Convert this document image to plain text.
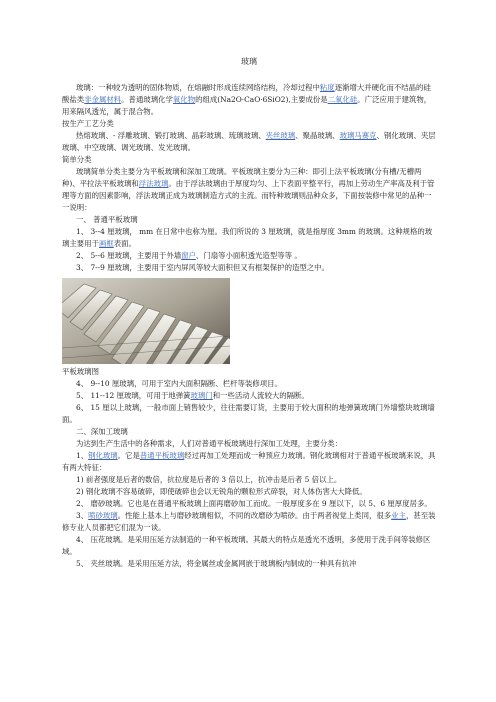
玻璃

玻璃：一种较为透明的固体物质，在熔融时形成连续网络结构，冷却过程中粘度逐渐增大并硬化而不结晶的硅酸盐类非金属材料。普通玻璃化学氧化物的组成(Na2O·CaO·6SiO2),主要成份是二氧化硅。广泛应用于建筑物，用来隔风透光，属于混合物。

按生产工艺分类

热熔玻璃、- 浮雕玻璃、锻打玻璃、晶彩玻璃、琉璃玻璃、夹丝玻璃、聚晶玻璃、玻璃马赛克、钢化玻璃、夹层玻璃、中空玻璃、调光玻璃、发光玻璃。

简单分类

玻璃简单分类主要分为平板玻璃和深加工玻璃。平板玻璃主要分为三种：即引上法平板玻璃(分有槽/无槽两种)、平拉法平板玻璃和浮法玻璃。由于浮法玻璃由于厚度均匀、上下表面平整平行，再加上劳动生产率高及利于管理等方面的因素影响，浮法玻璃正成为玻璃制造方式的主流。而特种玻璃则品种众多，下面按装修中常见的品种一一说明：

一、 普通平板玻璃

1、 3--4 厘玻璃， mm 在日常中也称为厘。我们所说的 3 厘玻璃，就是指厚度 3mm 的玻璃。这种规格的玻璃主要用于画框表面。

2、 5--6 厘玻璃，主要用于外墙窗户、门扇等小面积透光造型等等 。

3、 7--9 厘玻璃，主要用于室内屏风等较大面积但又有框架保护的造型之中。

平板玻璃图

4、 9--10 厘玻璃，可用于室内大面积隔断、栏杆等装修项目。

5、 11--12 厘玻璃，可用于地弹簧玻璃门和一些活动人流较大的隔断。

6、 15 厘以上玻璃，一般市面上销售较少，往往需要订货，主要用于较大面积的地弹簧玻璃门外墙整块玻璃墙面。

二、深加工玻璃

为达到生产生活中的各种需求，人们对普通平板玻璃进行深加工处理，主要分类：

1、钢化玻璃。它是普通平板玻璃经过再加工处理而成一种预应力玻璃。钢化玻璃相对于普通平板玻璃来说，具有两大特征：

1) 前者强度是后者的数倍，抗拉度是后者的 3 倍以上，抗冲击是后者 5 倍以上。

2) 钢化玻璃不容易破碎，即使破碎也会以无锐角的颗粒形式碎裂，对人体伤害大大降低。

2、 磨砂玻璃。它也是在普通平板玻璃上面再磨砂加工而成。一般厚度多在 9 厘以下，以 5、6 厘厚度居多。

3、喷砂玻璃。性能上基本上与磨砂玻璃相似，不同的改磨砂为喷砂。由于两者视觉上类同，很多业主，甚至装修专业人员都把它们混为一谈。

4、 压花玻璃。是采用压延方法制造的一种平板玻璃。其最大的特点是透光不透明，多使用于洗手间等装修区域。

5、 夹丝玻璃。是采用压延方法，将金属丝或金属网嵌于玻璃板内制成的一种具有抗冲
